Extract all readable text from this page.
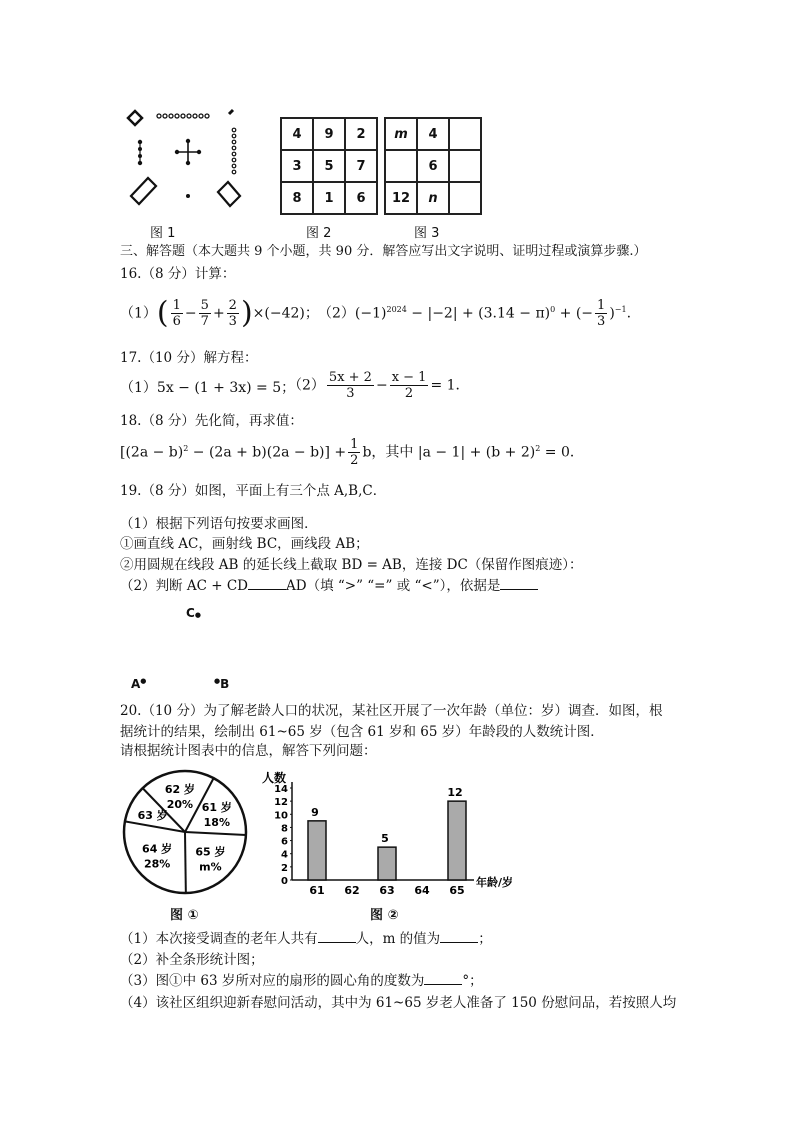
4	9	2
3	5	7
8	1	6
m	4	
	6	
12	n	
图 1	图 2	图 3
三、解答题（本大题共 9 个小题，共 90 分．解答应写出文字说明、证明过程或演算步骤.）
16.（8 分）计算：
$(1)( \frac{1}{6} - \frac{5}{7} + \frac{2}{3} )\times(-42)$； $(2)(-1)^{2024} - |-2| + (3.14 - \pi)^0$ + (− $\frac{1}{3} )^{-1}$.
17.（10 分）解方程：
（1）5x − (1 + 3x) = 5；
$(2) \frac{5x + 2}{3} - \frac{x - 1}{2} = 1$．
18.（8 分）先化简，再求值：
$[(2a - b)^2 - (2a + b)(2a - b)] + \frac{1}{2}$ b，其中 $|a - 1| + (b + 2)^2 = 0$．
19.（8 分）如图，平面上有三个点 A,B,C．
（1）根据下列语句按要求画图．
①画直线 AC，画射线 BC，画线段 AB；
②用圆规在线段 AB 的延长线上截取 BD = AB，连接 DC（保留作图痕迹）：
（2）判断 AC + CD	AD（填 “>” “=” 或 “<”），依据是
C●
A●	●B
20.（10 分）为了解老龄人口的状况，某社区开展了一次年龄（单位：岁）调查．如图，根
据统计的结果，绘制出 61~65 岁（包含 61 岁和 65 岁）年龄段的人数统计图．
请根据统计图表中的信息，解答下列问题：
62 岁
20% 61 岁
18%
65 岁
m%
64 岁
28%
63 岁
人数
0
2
4
6
8
10
12
14
61
9
62 63
5
64 65
12
年龄/岁
图 ①	图 ②
（1）本次接受调查的老年人共有	人，m 的值为	；
（2）补全条形统计图；
（3）图①中 63 岁所对应的扇形的圆心角的度数为	°；
（4）该社区组织迎新春慰问活动，其中为 61~65 岁老人准备了 150 份慰问品，若按照人均
